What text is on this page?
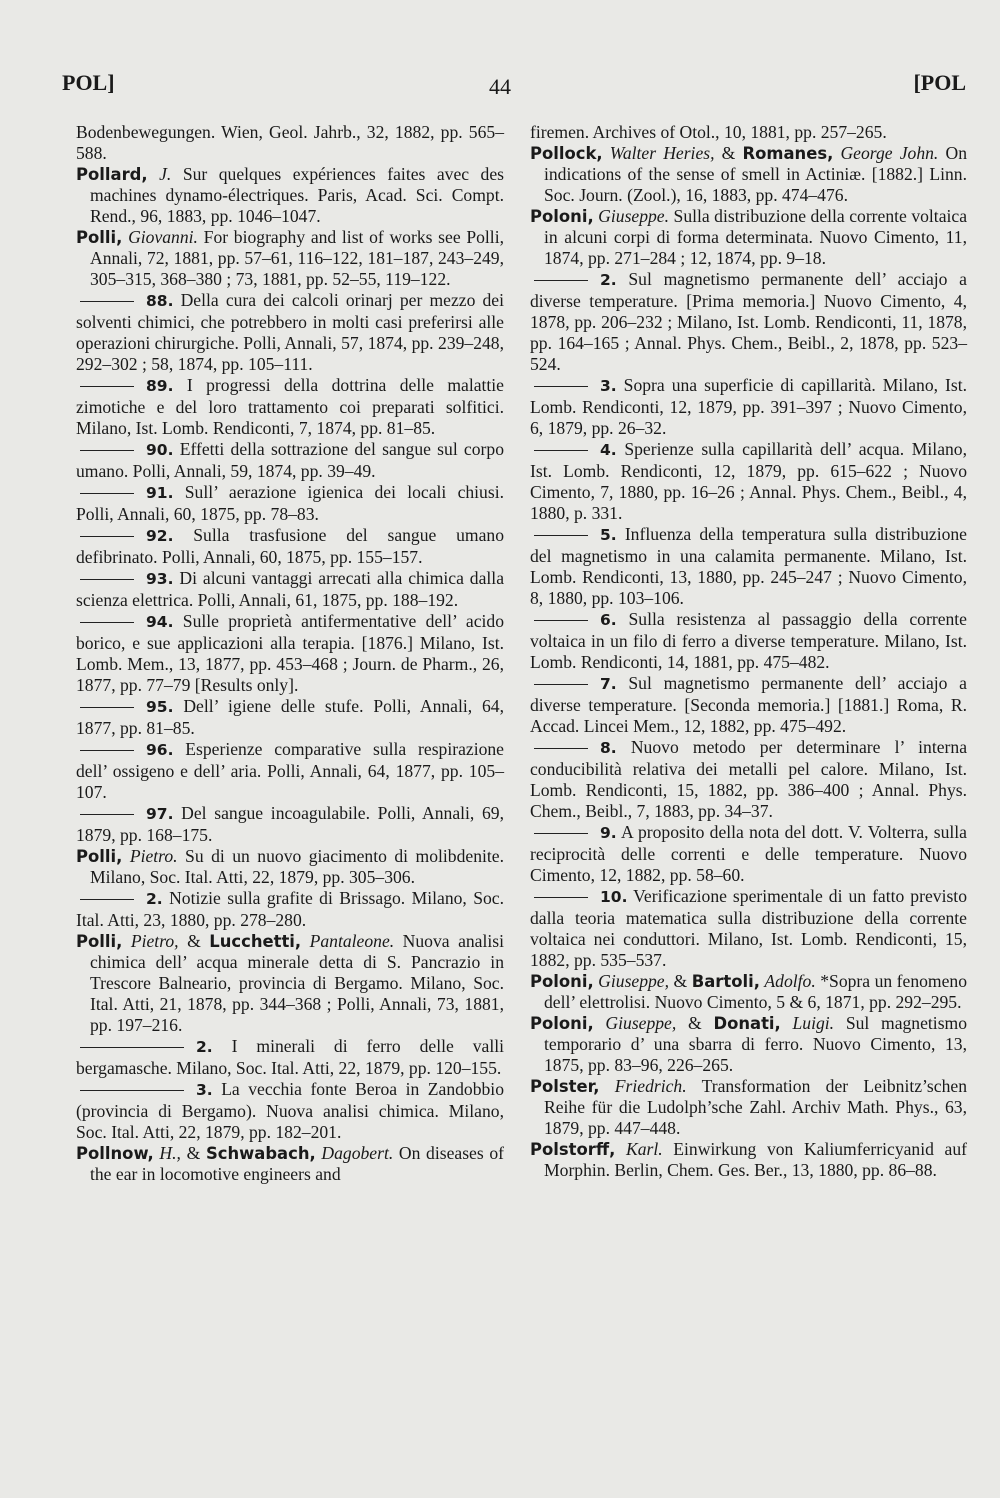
POL]	44	[POL

Bodenbewegungen. Wien, Geol. Jahrb., 32, 1882, pp. 565–588.

Pollard, J. Sur quelques expériences faites avec des machines dynamo-électriques. Paris, Acad. Sci. Compt. Rend., 96, 1883, pp. 1046–1047.

Polli, Giovanni. For biography and list of works see Polli, Annali, 72, 1881, pp. 57–61, 116–122, 181–187, 243–249, 305–315, 368–380 ; 73, 1881, pp. 52–55, 119–122.

88. Della cura dei calcoli orinarj per mezzo dei solventi chimici, che potrebbero in molti casi preferirsi alle operazioni chirurgiche. Polli, Annali, 57, 1874, pp. 239–248, 292–302 ; 58, 1874, pp. 105–111.

89. I progressi della dottrina delle malattie zimotiche e del loro trattamento coi preparati solfitici. Milano, Ist. Lomb. Rendiconti, 7, 1874, pp. 81–85.

90. Effetti della sottrazione del sangue sul corpo umano. Polli, Annali, 59, 1874, pp. 39–49.

91. Sull’ aerazione igienica dei locali chiusi. Polli, Annali, 60, 1875, pp. 78–83.

92. Sulla trasfusione del sangue umano defibrinato. Polli, Annali, 60, 1875, pp. 155–157.

93. Di alcuni vantaggi arrecati alla chimica dalla scienza elettrica. Polli, Annali, 61, 1875, pp. 188–192.

94. Sulle proprietà antifermentative dell’ acido borico, e sue applicazioni alla terapia. [1876.] Milano, Ist. Lomb. Mem., 13, 1877, pp. 453–468 ; Journ. de Pharm., 26, 1877, pp. 77–79 [Results only].

95. Dell’ igiene delle stufe. Polli, Annali, 64, 1877, pp. 81–85.

96. Esperienze comparative sulla respirazione dell’ ossigeno e dell’ aria. Polli, Annali, 64, 1877, pp. 105–107.

97. Del sangue incoagulabile. Polli, Annali, 69, 1879, pp. 168–175.

Polli, Pietro. Su di un nuovo giacimento di molibdenite. Milano, Soc. Ital. Atti, 22, 1879, pp. 305–306.

2. Notizie sulla grafite di Brissago. Milano, Soc. Ital. Atti, 23, 1880, pp. 278–280.

Polli, Pietro, & Lucchetti, Pantaleone. Nuova analisi chimica dell’ acqua minerale detta di S. Pancrazio in Trescore Balneario, provincia di Bergamo. Milano, Soc. Ital. Atti, 21, 1878, pp. 344–368 ; Polli, Annali, 73, 1881, pp. 197–216.

2. I minerali di ferro delle valli bergamasche. Milano, Soc. Ital. Atti, 22, 1879, pp. 120–155.

3. La vecchia fonte Beroa in Zandobbio (provincia di Bergamo). Nuova analisi chimica. Milano, Soc. Ital. Atti, 22, 1879, pp. 182–201.

Pollnow, H., & Schwabach, Dagobert. On diseases of the ear in locomotive engineers and

firemen. Archives of Otol., 10, 1881, pp. 257–265.

Pollock, Walter Heries, & Romanes, George John. On indications of the sense of smell in Actiniæ. [1882.] Linn. Soc. Journ. (Zool.), 16, 1883, pp. 474–476.

Poloni, Giuseppe. Sulla distribuzione della corrente voltaica in alcuni corpi di forma determinata. Nuovo Cimento, 11, 1874, pp. 271–284 ; 12, 1874, pp. 9–18.

2. Sul magnetismo permanente dell’ acciajo a diverse temperature. [Prima memoria.] Nuovo Cimento, 4, 1878, pp. 206–232 ; Milano, Ist. Lomb. Rendiconti, 11, 1878, pp. 164–165 ; Annal. Phys. Chem., Beibl., 2, 1878, pp. 523–524.

3. Sopra una superficie di capillarità. Milano, Ist. Lomb. Rendiconti, 12, 1879, pp. 391–397 ; Nuovo Cimento, 6, 1879, pp. 26–32.

4. Sperienze sulla capillarità dell’ acqua. Milano, Ist. Lomb. Rendiconti, 12, 1879, pp. 615–622 ; Nuovo Cimento, 7, 1880, pp. 16–26 ; Annal. Phys. Chem., Beibl., 4, 1880, p. 331.

5. Influenza della temperatura sulla distribuzione del magnetismo in una calamita permanente. Milano, Ist. Lomb. Rendiconti, 13, 1880, pp. 245–247 ; Nuovo Cimento, 8, 1880, pp. 103–106.

6. Sulla resistenza al passaggio della corrente voltaica in un filo di ferro a diverse temperature. Milano, Ist. Lomb. Rendiconti, 14, 1881, pp. 475–482.

7. Sul magnetismo permanente dell’ acciajo a diverse temperature. [Seconda memoria.] [1881.] Roma, R. Accad. Lincei Mem., 12, 1882, pp. 475–492.

8. Nuovo metodo per determinare l’ interna conducibilità relativa dei metalli pel calore. Milano, Ist. Lomb. Rendiconti, 15, 1882, pp. 386–400 ; Annal. Phys. Chem., Beibl., 7, 1883, pp. 34–37.

9. A proposito della nota del dott. V. Volterra, sulla reciprocità delle correnti e delle temperature. Nuovo Cimento, 12, 1882, pp. 58–60.

10. Verificazione sperimentale di un fatto previsto dalla teoria matematica sulla distribuzione della corrente voltaica nei conduttori. Milano, Ist. Lomb. Rendiconti, 15, 1882, pp. 535–537.

Poloni, Giuseppe, & Bartoli, Adolfo. *Sopra un fenomeno dell’ elettrolisi. Nuovo Cimento, 5 & 6, 1871, pp. 292–295.

Poloni, Giuseppe, & Donati, Luigi. Sul magnetismo temporario d’ una sbarra di ferro. Nuovo Cimento, 13, 1875, pp. 83–96, 226–265.

Polster, Friedrich. Transformation der Leibnitz’schen Reihe für die Ludolph’sche Zahl. Archiv Math. Phys., 63, 1879, pp. 447–448.

Polstorff, Karl. Einwirkung von Kaliumferricyanid auf Morphin. Berlin, Chem. Ges. Ber., 13, 1880, pp. 86–88.
